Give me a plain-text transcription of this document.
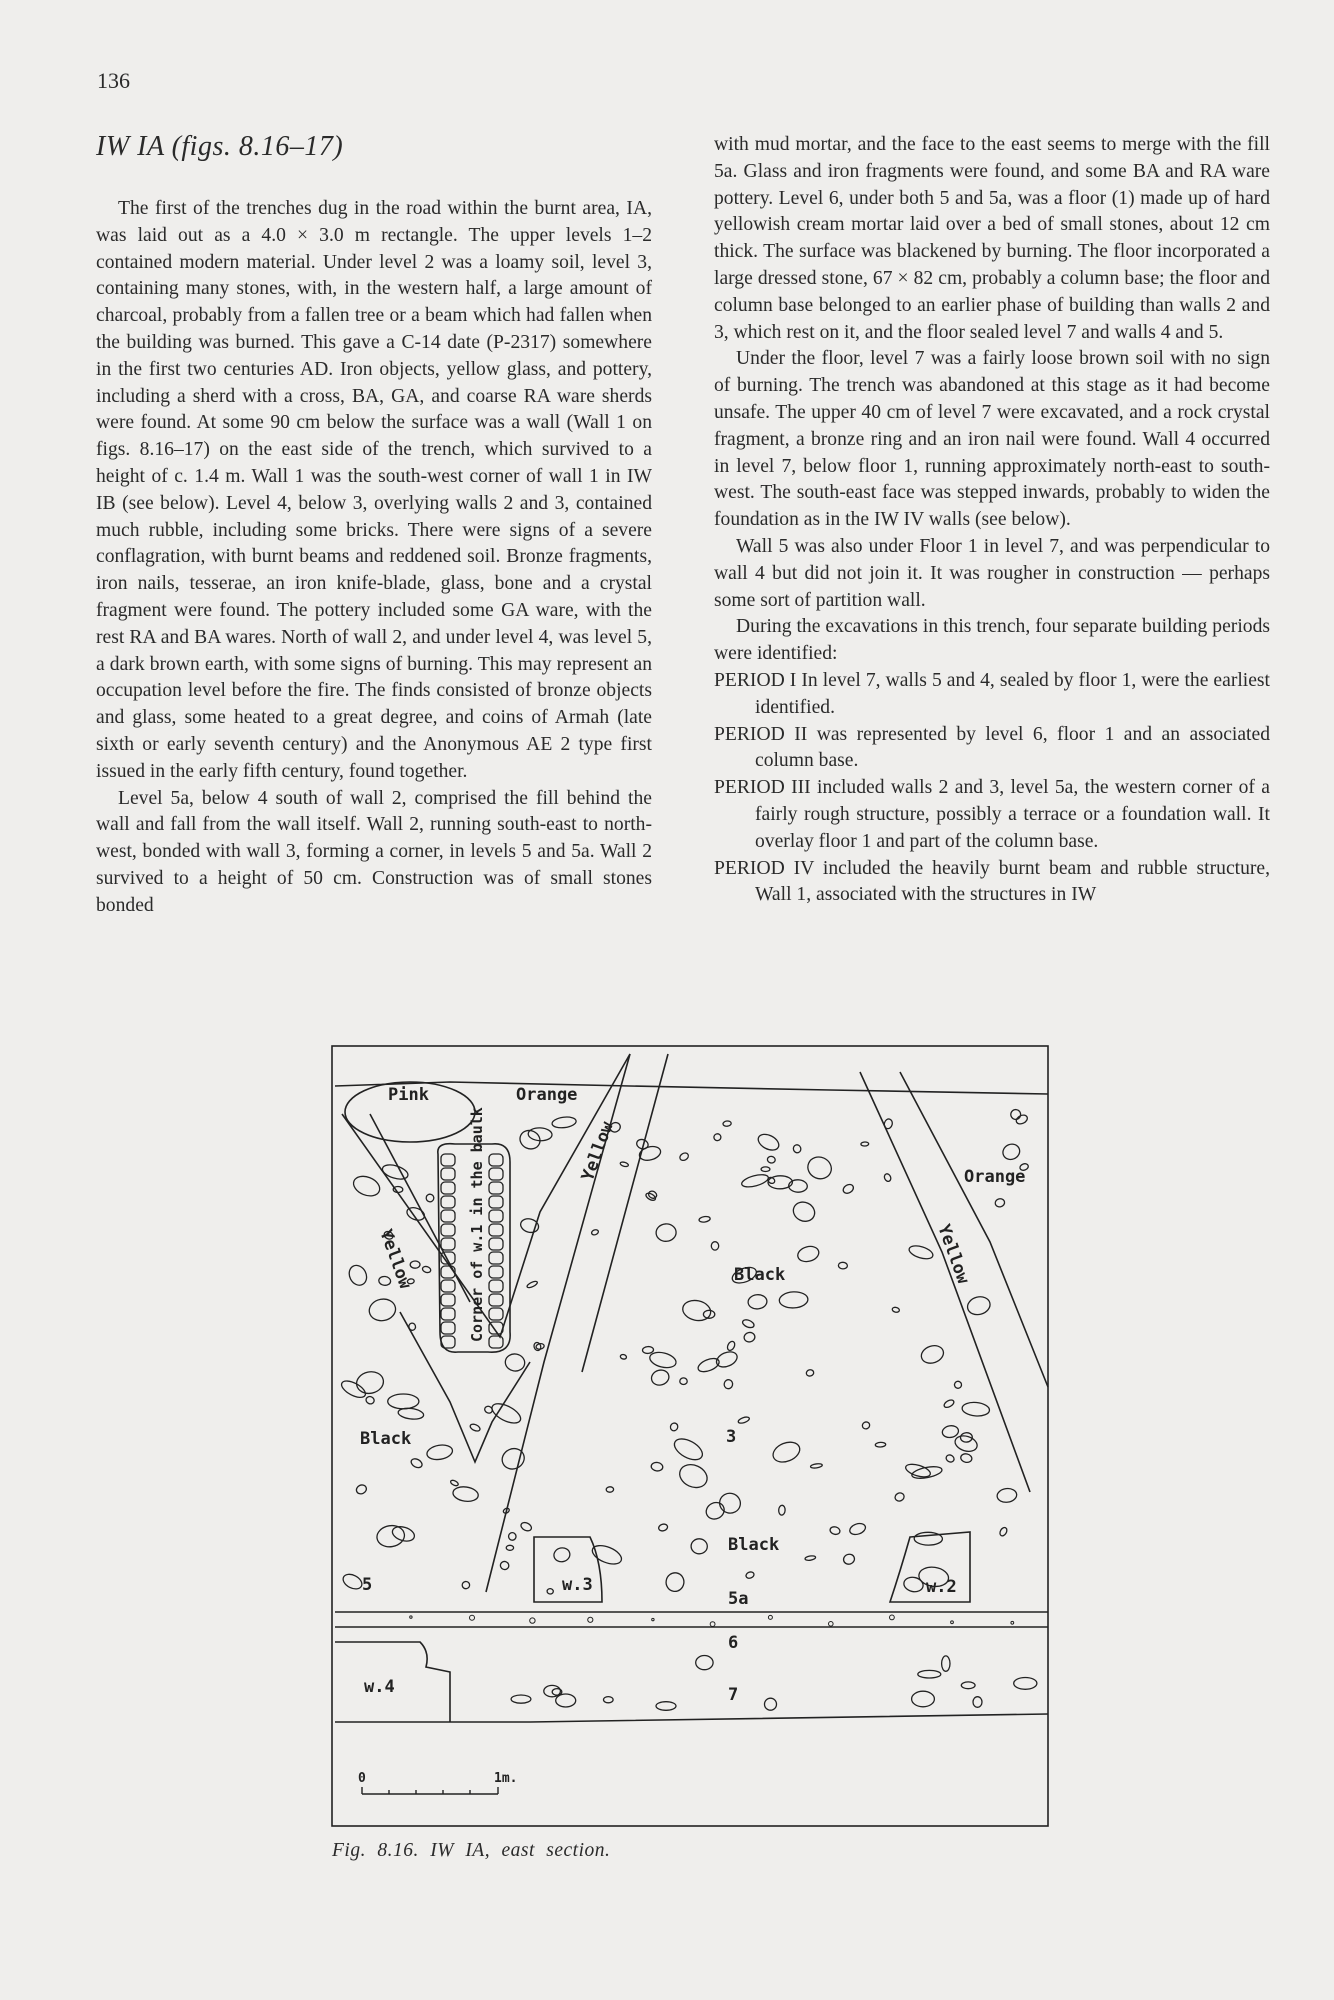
136
IW IA (figs. 8.16–17)

The first of the trenches dug in the road within the burnt area, IA, was laid out as a 4.0 × 3.0 m rectangle. The upper levels 1–2 contained modern material. Under level 2 was a loamy soil, level 3, containing many stones, with, in the western half, a large amount of charcoal, probably from a fallen tree or a beam which had fallen when the building was burned. This gave a C-14 date (P-2317) somewhere in the first two centuries AD. Iron objects, yellow glass, and pottery, including a sherd with a cross, BA, GA, and coarse RA ware sherds were found. At some 90 cm below the surface was a wall (Wall 1 on figs. 8.16–17) on the east side of the trench, which survived to a height of c. 1.4 m. Wall 1 was the south-west corner of wall 1 in IW IB (see below). Level 4, below 3, overlying walls 2 and 3, contained much rubble, including some bricks. There were signs of a severe conflagration, with burnt beams and reddened soil. Bronze fragments, iron nails, tesserae, an iron knife-blade, glass, bone and a crystal fragment were found. The pottery included some GA ware, with the rest RA and BA wares. North of wall 2, and under level 4, was level 5, a dark brown earth, with some signs of burning. This may represent an occupation level before the fire. The finds consisted of bronze objects and glass, some heated to a great degree, and coins of Armah (late sixth or early seventh century) and the Anonymous AE 2 type first issued in the early fifth century, found together.

Level 5a, below 4 south of wall 2, comprised the fill behind the wall and fall from the wall itself. Wall 2, running south-east to north-west, bonded with wall 3, forming a corner, in levels 5 and 5a. Wall 2 survived to a height of 50 cm. Construction was of small stones bonded

with mud mortar, and the face to the east seems to merge with the fill 5a. Glass and iron fragments were found, and some BA and RA ware pottery. Level 6, under both 5 and 5a, was a floor (1) made up of hard yellowish cream mortar laid over a bed of small stones, about 12 cm thick. The surface was blackened by burning. The floor incorporated a large dressed stone, 67 × 82 cm, probably a column base; the floor and column base belonged to an earlier phase of building than walls 2 and 3, which rest on it, and the floor sealed level 7 and walls 4 and 5.

Under the floor, level 7 was a fairly loose brown soil with no sign of burning. The trench was abandoned at this stage as it had become unsafe. The upper 40 cm of level 7 were excavated, and a rock crystal fragment, a bronze ring and an iron nail were found. Wall 4 occurred in level 7, below floor 1, running approximately north-east to south-west. The south-east face was stepped inwards, probably to widen the foundation as in the IW IV walls (see below).

Wall 5 was also under Floor 1 in level 7, and was perpendicular to wall 4 but did not join it. It was rougher in construction — perhaps some sort of partition wall.

During the excavations in this trench, four separate building periods were identified:

PERIOD I In level 7, walls 5 and 4, sealed by floor 1, were the earliest identified.

PERIOD II was represented by level 6, floor 1 and an associated column base.

PERIOD III included walls 2 and 3, level 5a, the western corner of a fairly rough structure, possibly a terrace or a foundation wall. It overlay floor 1 and part of the column base.

PERIOD IV included the heavily burnt beam and rubble structure, Wall 1, associated with the structures in IW

Pink	Orange
Orange
Yellow
Yellow
Yellow
Corner of w.1 in the baulk	Black
Black
Black
3
5
5a
6
7
w.3	w.2
w.4
0	1m.
Fig. 8.16. IW IA, east section.
